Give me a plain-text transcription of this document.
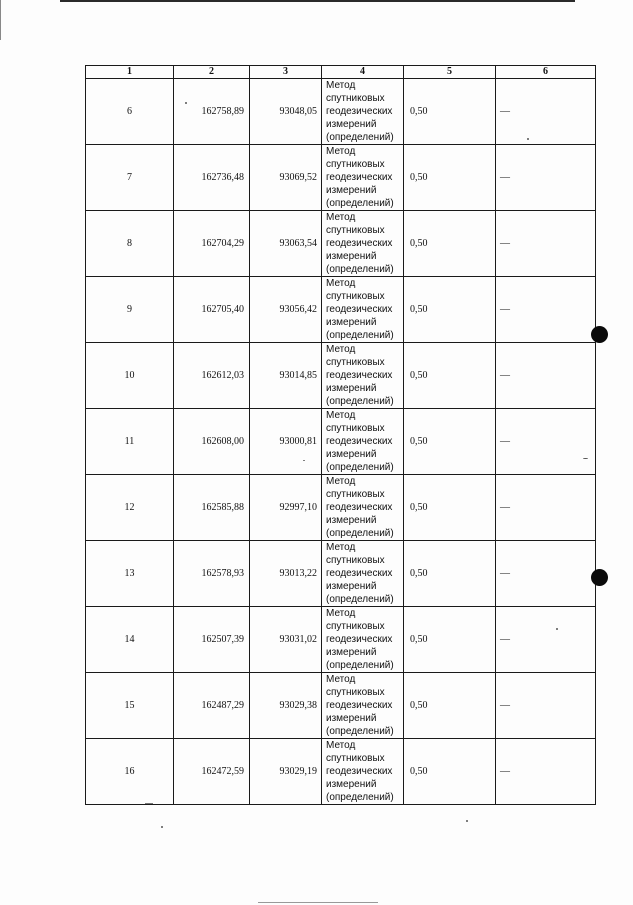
1	2	3	4	5	6
6	162758,89	93048,05	Метод
спутниковых
геодезических
измерений
(определений)	0,50	—
7	162736,48	93069,52	Метод
спутниковых
геодезических
измерений
(определений)	0,50	—
8	162704,29	93063,54	Метод
спутниковых
геодезических
измерений
(определений)	0,50	—
9	162705,40	93056,42	Метод
спутниковых
геодезических
измерений
(определений)	0,50	—
10	162612,03	93014,85	Метод
спутниковых
геодезических
измерений
(определений)	0,50	—
11	162608,00	93000,81	Метод
спутниковых
геодезических
измерений
(определений)	0,50	—
12	162585,88	92997,10	Метод
спутниковых
геодезических
измерений
(определений)	0,50	—
13	162578,93	93013,22	Метод
спутниковых
геодезических
измерений
(определений)	0,50	—
14	162507,39	93031,02	Метод
спутниковых
геодезических
измерений
(определений)	0,50	—
15	162487,29	93029,38	Метод
спутниковых
геодезических
измерений
(определений)	0,50	—
16	162472,59	93029,19	Метод
спутниковых
геодезических
измерений
(определений)	0,50	—
